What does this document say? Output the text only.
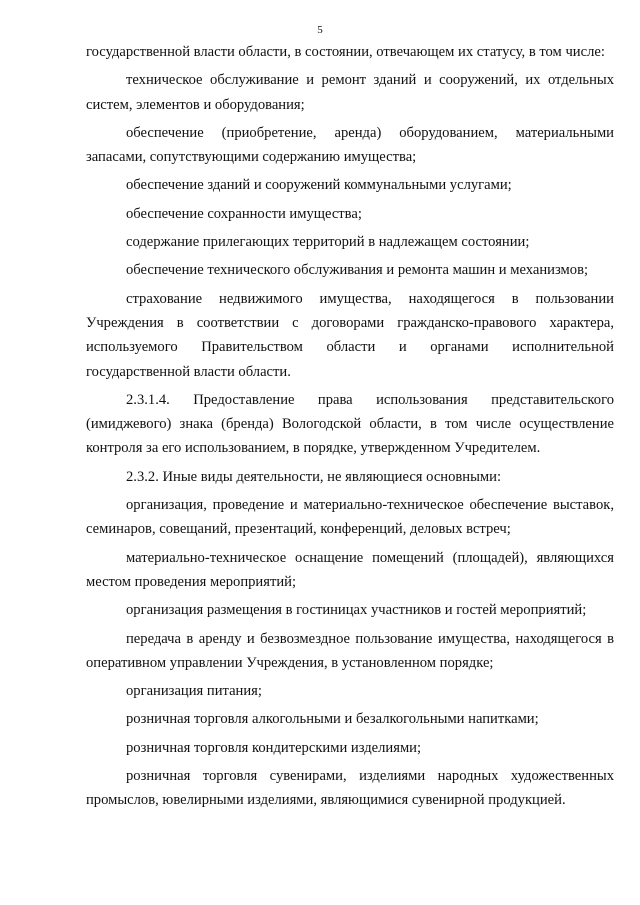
5

государственной власти области, в состоянии, отвечающем их статусу, в том числе:

техническое обслуживание и ремонт зданий и сооружений, их отдельных систем, элементов и оборудования;

обеспечение (приобретение, аренда) оборудованием, материальными запасами, сопутствующими содержанию имущества;

обеспечение зданий и сооружений коммунальными услугами;

обеспечение сохранности имущества;

содержание прилегающих территорий в надлежащем состоянии;

обеспечение технического обслуживания и ремонта машин и механизмов;

страхование недвижимого имущества, находящегося в пользовании Учреждения в соответствии с договорами гражданско-правового характера, используемого Правительством области и органами исполнительной государственной власти области.

2.3.1.4. Предоставление права использования представительского (имиджевого) знака (бренда) Вологодской области, в том числе осуществление контроля за его использованием, в порядке, утвержденном Учредителем.

2.3.2. Иные виды деятельности, не являющиеся основными:

организация, проведение и материально-техническое обеспечение выставок, семинаров, совещаний, презентаций, конференций, деловых встреч;

материально-техническое оснащение помещений (площадей), являющихся местом проведения мероприятий;

организация размещения в гостиницах участников и гостей мероприятий;

передача в аренду и безвозмездное пользование имущества, находящегося в оперативном управлении Учреждения, в установленном порядке;

организация питания;

розничная торговля алкогольными и безалкогольными напитками;

розничная торговля кондитерскими изделиями;

розничная торговля сувенирами, изделиями народных художественных промыслов, ювелирными изделиями, являющимися сувенирной продукцией.
